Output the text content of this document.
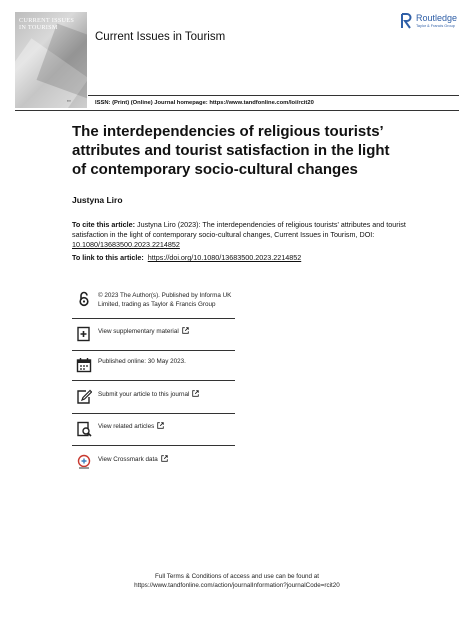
CURRENT ISSUES IN TOURISM
▪▪▪
Current Issues in Tourism
Routledge
Taylor & Francis Group
ISSN: (Print) (Online) Journal homepage: https://www.tandfonline.com/loi/rcit20
The interdependencies of religious tourists’ attributes and tourist satisfaction in the light of contemporary socio-cultural changes
Justyna Liro
To cite this article: Justyna Liro (2023): The interdependencies of religious tourists’ attributes and tourist satisfaction in the light of contemporary socio-cultural changes, Current Issues in Tourism, DOI: 10.1080/13683500.2023.2214852
To link to this article: https://doi.org/10.1080/13683500.2023.2214852
© 2023 The Author(s). Published by Informa UK Limited, trading as Taylor & Francis Group
View supplementary material
Published online: 30 May 2023.
Submit your article to this journal
View related articles
View Crossmark data
Full Terms & Conditions of access and use can be found at
https://www.tandfonline.com/action/journalInformation?journalCode=rcit20
